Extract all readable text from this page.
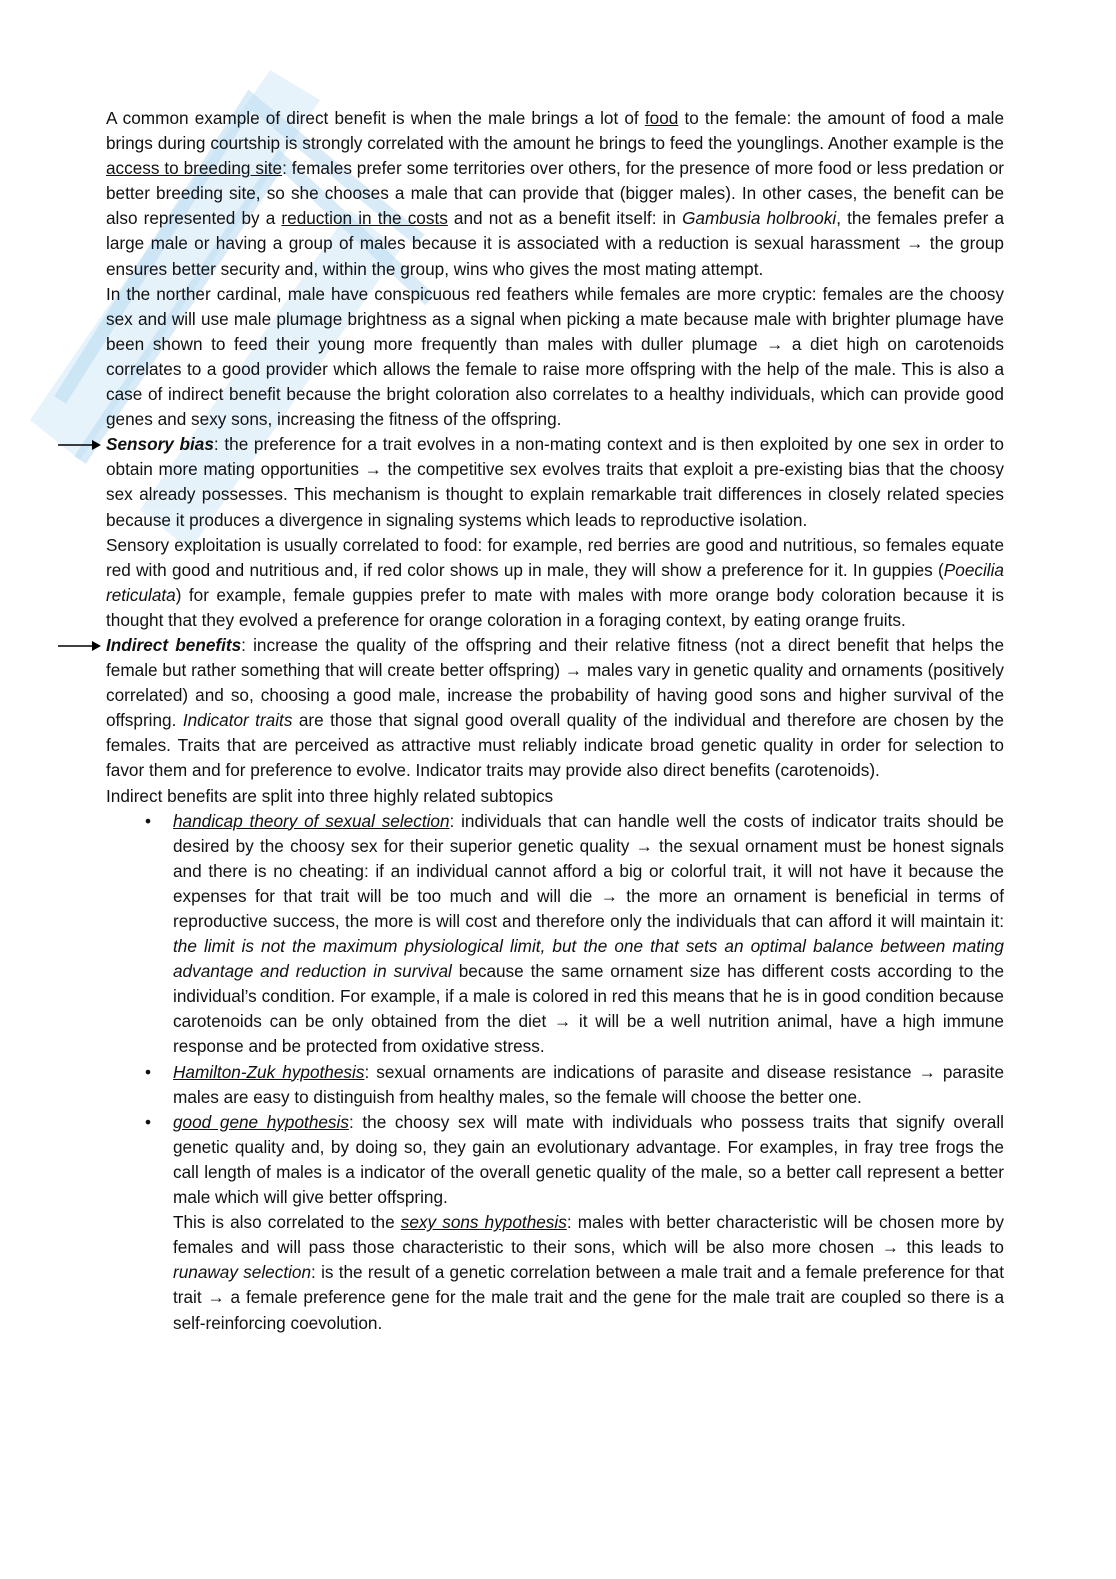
A common example of direct benefit is when the male brings a lot of food to the female: the amount of food a male brings during courtship is strongly correlated with the amount he brings to feed the younglings. Another example is the access to breeding site: females prefer some territories over others, for the presence of more food or less predation or better breeding site, so she chooses a male that can provide that (bigger males). In other cases, the benefit can be also represented by a reduction in the costs and not as a benefit itself: in Gambusia holbrooki, the females prefer a large male or having a group of males because it is associated with a reduction is sexual harassment → the group ensures better security and, within the group, wins who gives the most mating attempt.

In the norther cardinal, male have conspicuous red feathers while females are more cryptic: females are the choosy sex and will use male plumage brightness as a signal when picking a mate because male with brighter plumage have been shown to feed their young more frequently than males with duller plumage → a diet high on carotenoids correlates to a good provider which allows the female to raise more offspring with the help of the male. This is also a case of indirect benefit because the bright coloration also correlates to a healthy individuals, which can provide good genes and sexy sons, increasing the fitness of the offspring.

Sensory bias: the preference for a trait evolves in a non-mating context and is then exploited by one sex in order to obtain more mating opportunities → the competitive sex evolves traits that exploit a pre-existing bias that the choosy sex already possesses. This mechanism is thought to explain remarkable trait differences in closely related species because it produces a divergence in signaling systems which leads to reproductive isolation.

Sensory exploitation is usually correlated to food: for example, red berries are good and nutritious, so females equate red with good and nutritious and, if red color shows up in male, they will show a preference for it. In guppies (Poecilia reticulata) for example, female guppies prefer to mate with males with more orange body coloration because it is thought that they evolved a preference for orange coloration in a foraging context, by eating orange fruits.

Indirect benefits: increase the quality of the offspring and their relative fitness (not a direct benefit that helps the female but rather something that will create better offspring) → males vary in genetic quality and ornaments (positively correlated) and so, choosing a good male, increase the probability of having good sons and higher survival of the offspring. Indicator traits are those that signal good overall quality of the individual and therefore are chosen by the females. Traits that are perceived as attractive must reliably indicate broad genetic quality in order for selection to favor them and for preference to evolve. Indicator traits may provide also direct benefits (carotenoids).

Indirect benefits are split into three highly related subtopics

• handicap theory of sexual selection: individuals that can handle well the costs of indicator traits should be desired by the choosy sex for their superior genetic quality → the sexual ornament must be honest signals and there is no cheating: if an individual cannot afford a big or colorful trait, it will not have it because the expenses for that trait will be too much and will die → the more an ornament is beneficial in terms of reproductive success, the more is will cost and therefore only the individuals that can afford it will maintain it: the limit is not the maximum physiological limit, but the one that sets an optimal balance between mating advantage and reduction in survival because the same ornament size has different costs according to the individual’s condition. For example, if a male is colored in red this means that he is in good condition because carotenoids can be only obtained from the diet → it will be a well nutrition animal, have a high immune response and be protected from oxidative stress.
• Hamilton-Zuk hypothesis: sexual ornaments are indications of parasite and disease resistance → parasite males are easy to distinguish from healthy males, so the female will choose the better one.
• good gene hypothesis: the choosy sex will mate with individuals who possess traits that signify overall genetic quality and, by doing so, they gain an evolutionary advantage. For examples, in fray tree frogs the call length of males is a indicator of the overall genetic quality of the male, so a better call represent a better male which will give better offspring.

This is also correlated to the sexy sons hypothesis: males with better characteristic will be chosen more by females and will pass those characteristic to their sons, which will be also more chosen → this leads to runaway selection: is the result of a genetic correlation between a male trait and a female preference for that trait → a female preference gene for the male trait and the gene for the male trait are coupled so there is a self-reinforcing coevolution.
